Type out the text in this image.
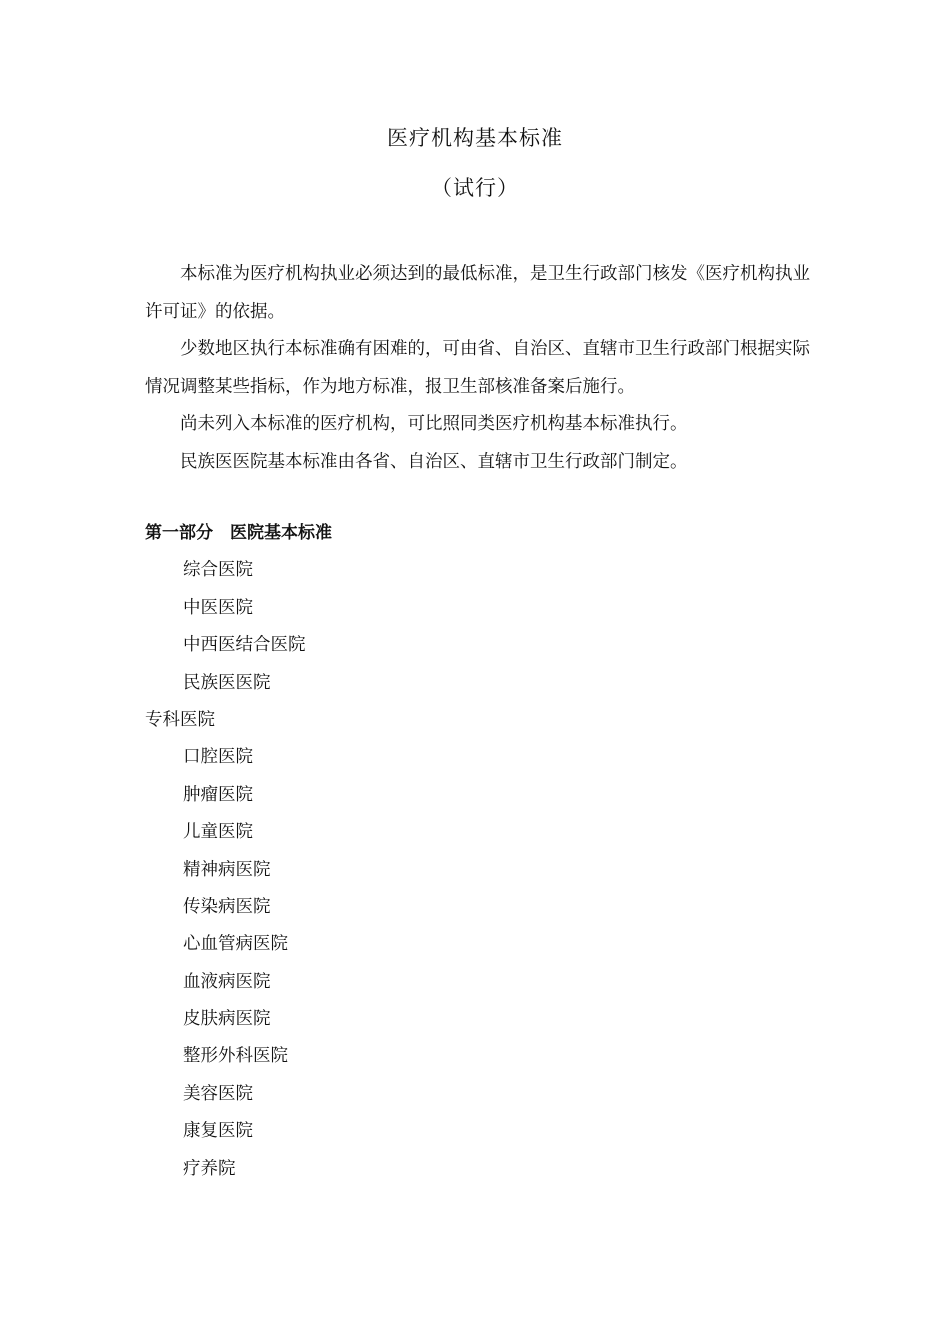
医疗机构基本标准
（试行）

本标准为医疗机构执业必须达到的最低标准，是卫生行政部门核发《医疗机构执业许可证》的依据。

少数地区执行本标准确有困难的，可由省、自治区、直辖市卫生行政部门根据实际情况调整某些指标，作为地方标准，报卫生部核准备案后施行。

尚未列入本标准的医疗机构，可比照同类医疗机构基本标准执行。

民族医医院基本标准由各省、自治区、直辖市卫生行政部门制定。

第一部分　医院基本标准
综合医院
中医医院
中西医结合医院
民族医医院
专科医院
口腔医院
肿瘤医院
儿童医院
精神病医院
传染病医院
心血管病医院
血液病医院
皮肤病医院
整形外科医院
美容医院
康复医院
疗养院
